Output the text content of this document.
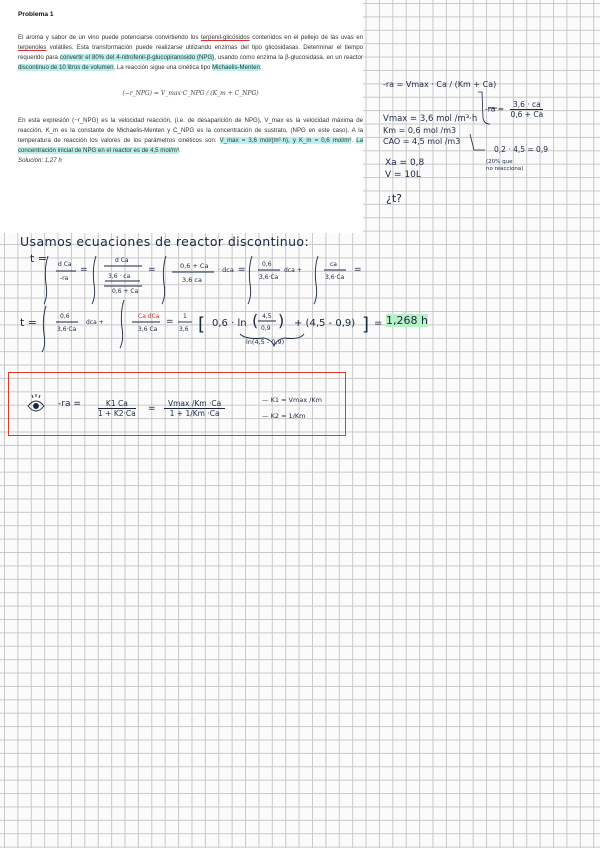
Problema 1

El aroma y sabor de un vino puede potenciarse convirtiendo los terpenil-glicósidos contenidos en el pellejo de las uvas en terpenoles volátiles. Esta transformación puede realizarse utilizando enzimas del tipo glicosidasas. Determinar el tiempo requerido para convertir el 80% del 4-nitrofenil-β-glucopiranosido (NPG), usando como enzima la β-glucosidasa, en un reactor discontinuo de 10 litros de volumen. La reacción sigue una cinética tipo Michaelis-Menten:

(−r_NPG) = V_max·C_NPG / (K_m + C_NPG)

En esta expresión (−r_NPG) es la velocidad reacción, (i.e. de desaparición de NPG), V_max es la velocidad máxima de reacción, K_m es la constante de Michaelis-Menten y C_NPG es la concentración de sustrato, (NPG en este caso). A la temperatura de reacción los valores de los parámetros cinéticos son: V_max = 3,6 mol/(m³·h), y K_m = 0,6 mol/m³. La concentración inicial de NPG en el reactor es de 4,5 mol/m³.

Solución: 1,27 h

-ra = Vmax · Ca / (Km + Ca)
$-ra = \frac{3,6 \cdot ca}{0,6 + Ca}$
Vmax = 3,6 mol /m³·h
Km = 0,6 mol /m3
CAO = 4,5 mol /m3
0,2 · 4,5 = 0,9
(20% que
no reacciona)
Xa = 0,8
V = 10L
¿t?
Usamos ecuaciones de reactor discontinuo:
t = d Ca
-ra
=
d Ca
3,6 · ca
0,6 + Ca
=	0,6 + Ca
3,6 ca
· dca =
0,6
3,6·Ca
dca +
ca
3,6·Ca
=
t =	0,6
3,6·Ca
dca +
Ca dCa
3,6 Ca
=
1
3,6 [ 0,6 · ln ( 4,5
0,9 ) + (4,5 - 0,9) ] =
ln(4,5 - 0,9)
1,268 h
-ra =	K1 Ca
1 + K2·Ca =
Vmax /Km ·Ca
1 + 1/Km ·Ca
— K1 = Vmax /Km
— K2 = 1/Km
